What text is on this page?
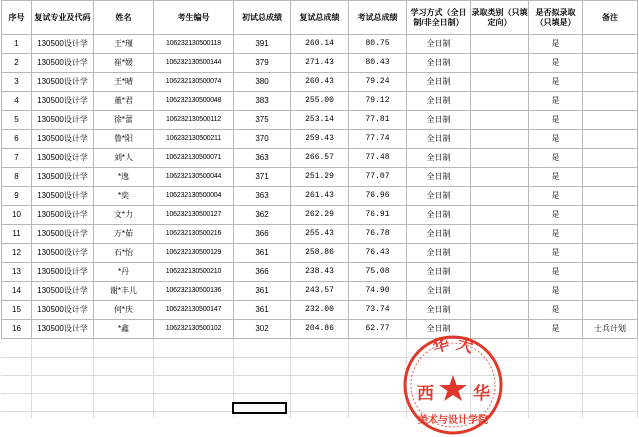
序号	复试专业及代码	姓名	考生编号	初试总成绩	复试总成绩	考试总成绩	学习方式（全日制/非全日制）	录取类别（只填定向）	是否拟录取（只填是）	备注
1	130500设计学	王*瑾	106232130500118	391	260.14	80.75	全日制		是	
2	130500设计学	崔*媛	106232130500144	379	271.43	80.43	全日制		是	
3	130500设计学	王*晴	106232130500074	380	260.43	79.24	全日制		是	
4	130500设计学	董*君	106232130500048	383	255.00	79.12	全日制		是	
5	130500设计学	徐*蕾	106232130500112	375	253.14	77.81	全日制		是	
6	130500设计学	鲁*阳	106232130500211	370	259.43	77.74	全日制		是	
7	130500设计学	刘*人	106232130500071	363	266.57	77.48	全日制		是	
8	130500设计学	*逸	106232130500044	371	251.29	77.07	全日制		是	
9	130500设计学	*奕	106232130500004	363	261.43	76.96	全日制		是	
10	130500设计学	文*力	106232130500127	362	262.29	76.91	全日制		是	
11	130500设计学	万*茹	106232130500216	366	255.43	76.78	全日制		是	
12	130500设计学	石*怡	106232130500129	361	258.86	76.43	全日制		是	
13	130500设计学	*丹	106232130500210	366	238.43	75.08	全日制		是	
14	130500设计学	谢*丰儿	106232130500136	361	243.57	74.90	全日制		是	
15	130500设计学	何*庆	106232130500147	361	232.00	73.74	全日制		是	
16	130500设计学	*鑫	106232130500102	302	204.86	62.77	全日制		是	士兵计划
华 大
西 华
美术与设计学院
